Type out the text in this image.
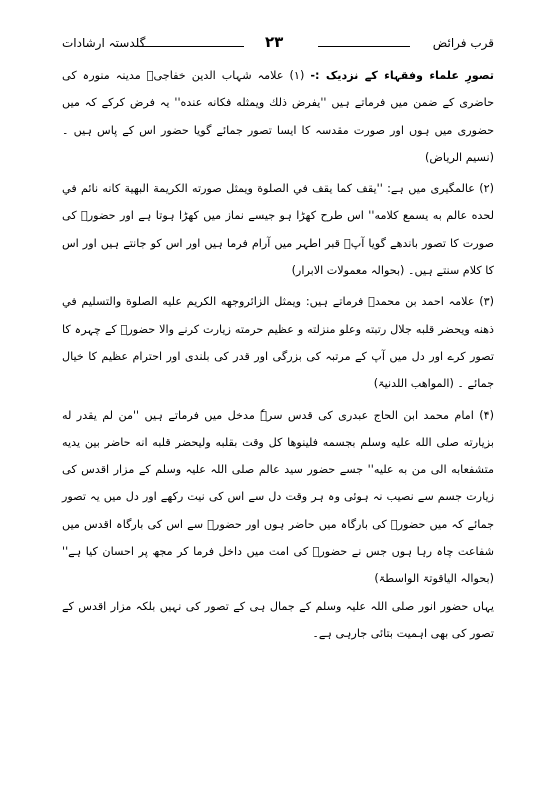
قرب فرائض
۲۳
گلدستہ ارشادات

تصورِ علماء وفقہاء کے نزدیک :- (۱) علامہ شہاب الدین خفاجیؒ مدینہ منورہ کی حاضری کے ضمن میں فرماتے ہیں ''يفرض ذلك ويمثله فكانه عنده'' یہ فرض کرکے کہ میں حضوری میں ہوں اور صورت مقدسہ کا ایسا تصور جمائے گویا حضور اس کے پاس ہیں ۔ (نسیم الریاض)

(۲) عالمگیری میں ہے: ''يقف كما يقف في الصلوة ويمثل صورته الكريمة البهية كانه نائم في لحده عالم به يسمع كلامه'' اس طرح کھڑا ہو جیسے نماز میں کھڑا ہوتا ہے اور حضورؐ کی صورت کا تصور باندھے گویا آپؐ قبر اطہر میں آرام فرما ہیں اور اس کو جانتے ہیں اور اس کا کلام سنتے ہیں۔ (بحوالہ معمولات الابرار)

(۳) علامہ احمد بن محمدؒ فرماتے ہیں: ويمثل الزائروجهه الكريم عليه الصلوة والتسليم في ذهنه ويحضر قلبه جلال رتبته وعلو منزلته و عظيم حرمته زیارت کرنے والا حضورؐ کے چہرہ کا تصور کرے اور دل میں آپ کے مرتبہ کی بزرگی اور قدر کی بلندی اور احترام عظیم کا خیال جمائے ۔ (المواهب اللدنیۃ)

(۴) امام محمد ابن الحاج عبدری کی قدس سرہٗ مدخل میں فرماتے ہیں ''من لم يقدر له بزيارته صلی الله عليه وسلم بجسمه فلينوها كل وقت بقلبه وليحضر قلبه انه حاضر بين يديه متشفعابه الى من به عليه'' جسے حضور سید عالم صلی اللہ علیہ وسلم کے مزار اقدس کی زیارت جسم سے نصیب نہ ہوئی وہ ہر وقت دل سے اس کی نیت رکھے اور دل میں یہ تصور جمائے کہ میں حضورؐ کی بارگاہ میں حاضر ہوں اور حضورؐ سے اس کی بارگاہ اقدس میں شفاعت چاہ رہا ہوں جس نے حضورؐ کی امت میں داخل فرما کر مجھ پر احسان کیا ہے'' (بحوالہ الیاقوتۃ الواسطۃ)

یہاں حضور انور صلی اللہ علیہ وسلم کے جمال ہی کے تصور کی نہیں بلکہ مزار اقدس کے تصور کی بھی اہمیت بتائی جارہی ہے۔
